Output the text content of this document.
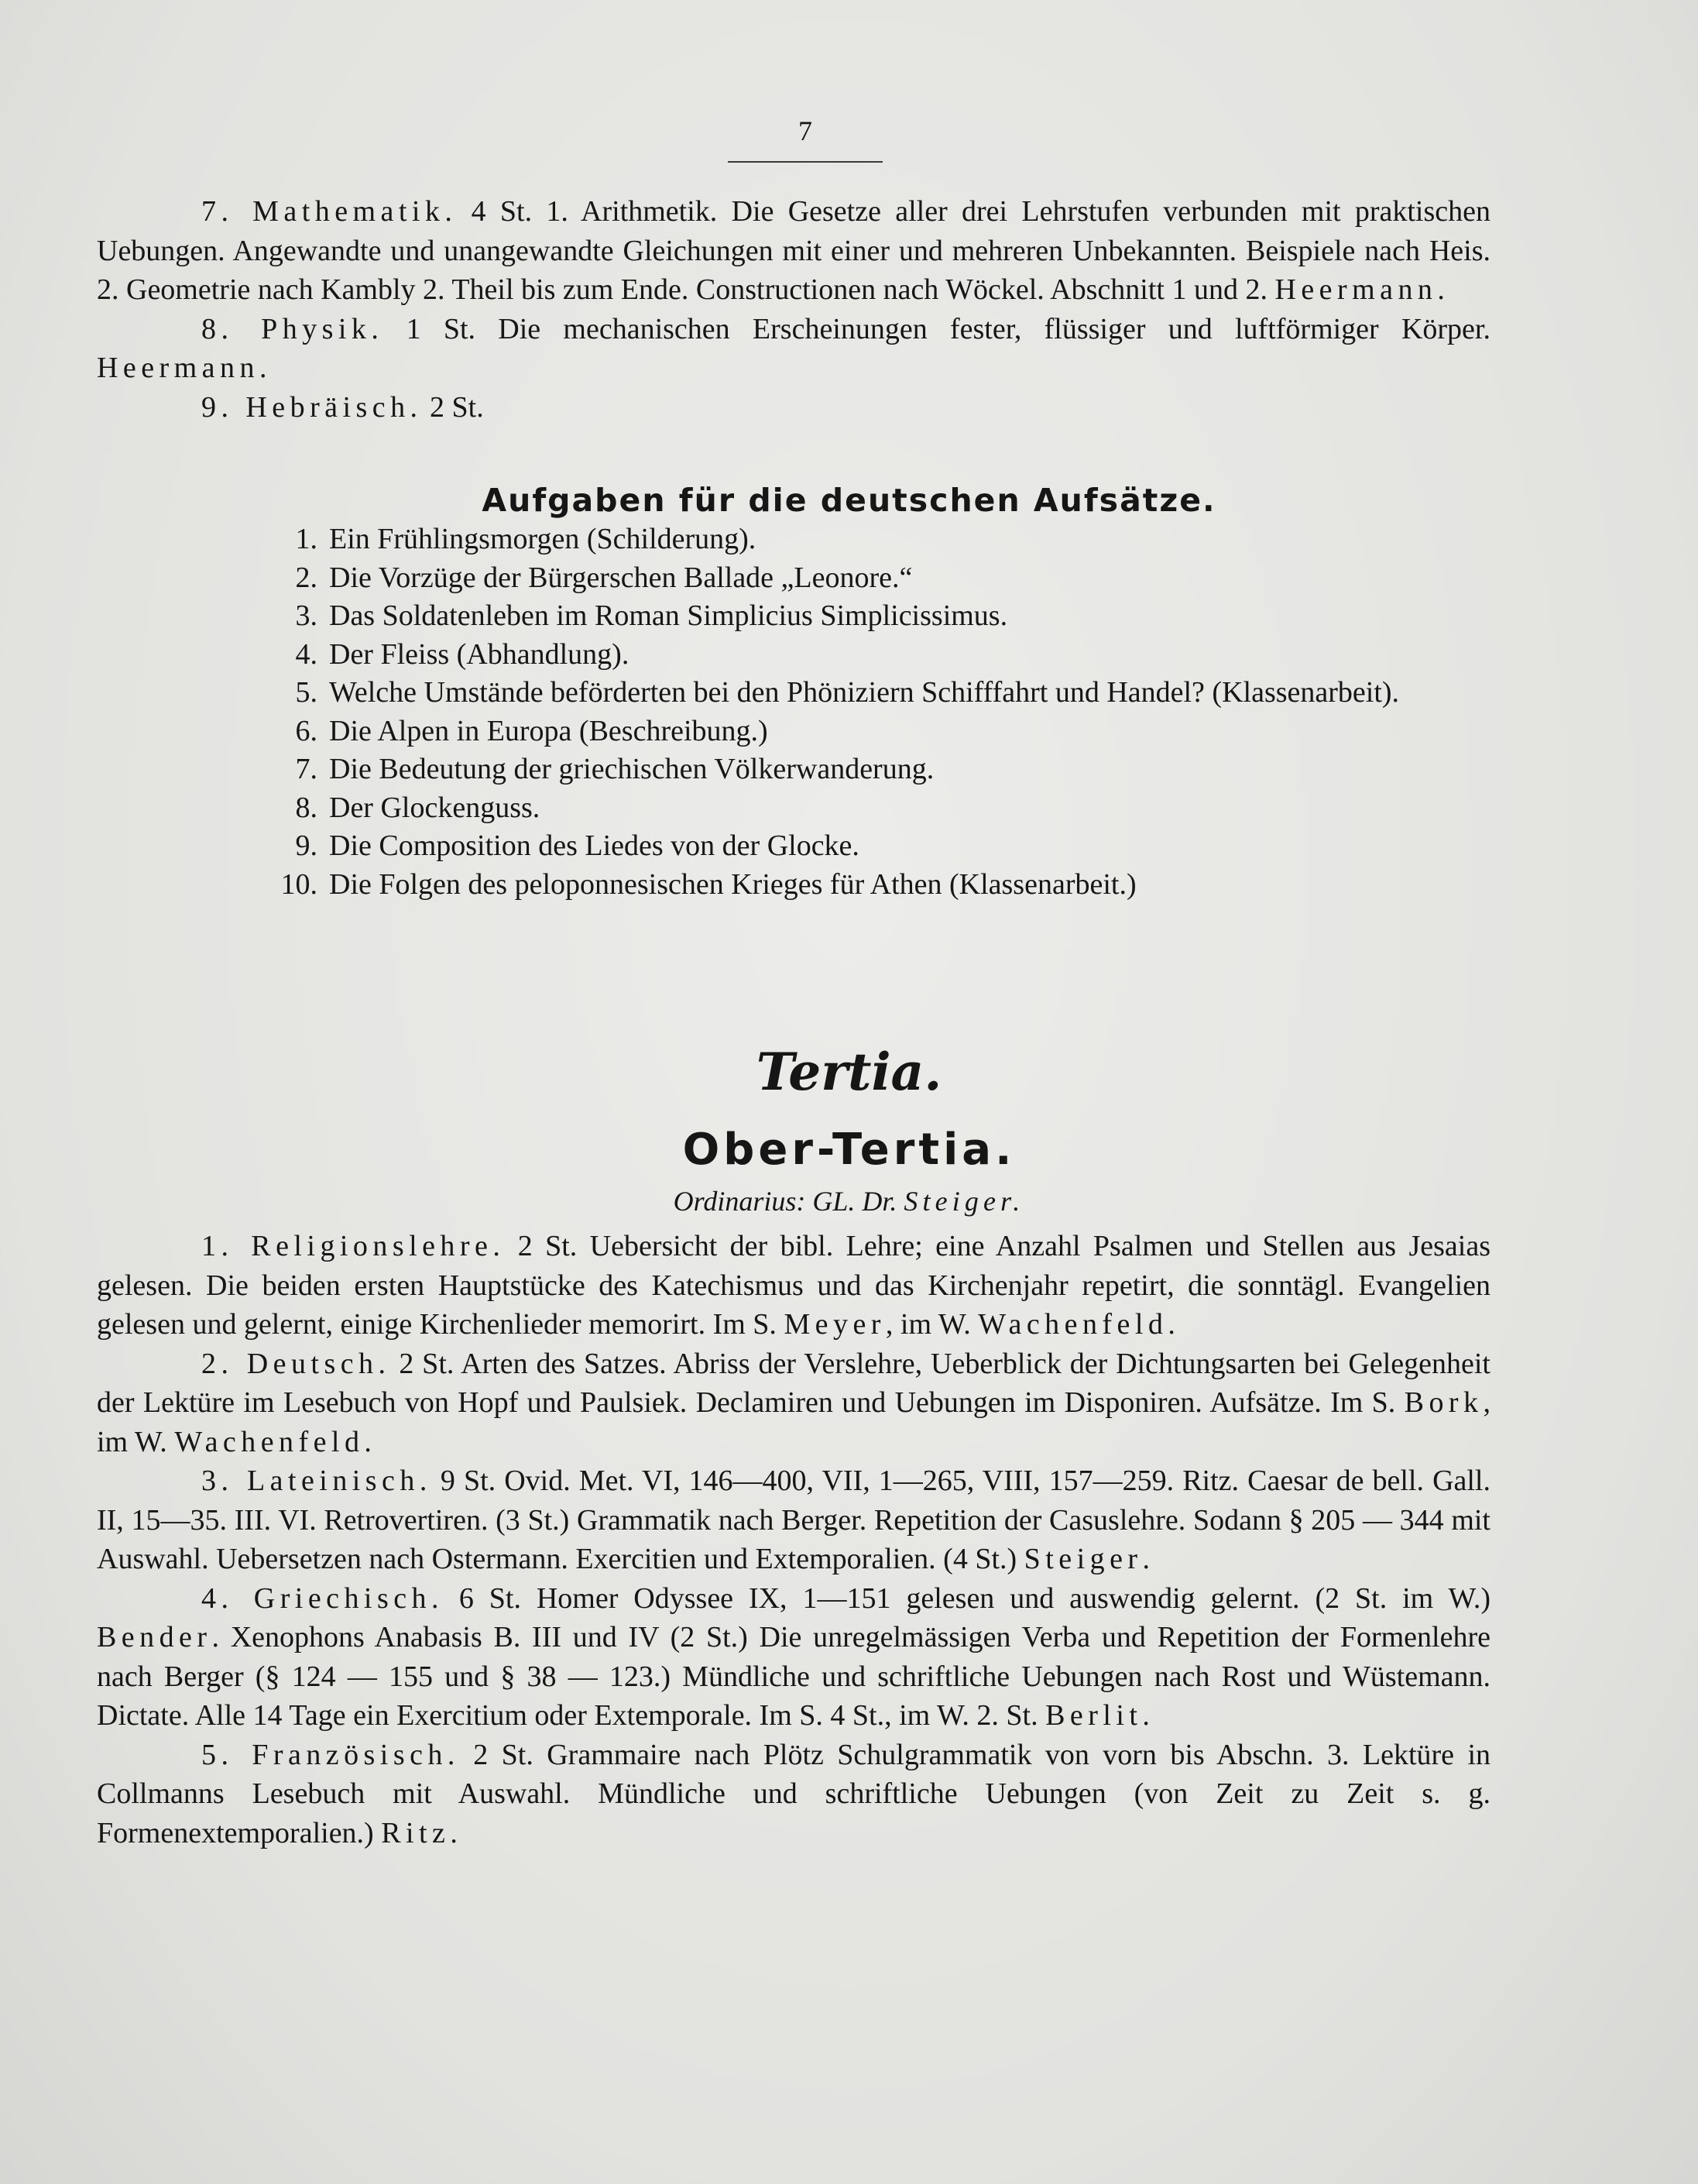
7

7. Mathematik. 4 St. 1. Arithmetik. Die Gesetze aller drei Lehrstufen verbunden mit praktischen Uebungen. Angewandte und unangewandte Gleichungen mit einer und mehreren Unbekannten. Beispiele nach Heis. 2. Geometrie nach Kambly 2. Theil bis zum Ende. Constructionen nach Wöckel. Abschnitt 1 und 2. Heermann.

8. Physik. 1 St. Die mechanischen Erscheinungen fester, flüssiger und luftförmiger Körper. Heermann.

9. Hebräisch. 2 St.

Aufgaben für die deutschen Aufsätze.
1. Ein Frühlingsmorgen (Schilderung).
2. Die Vorzüge der Bürgerschen Ballade „Leonore.“
3. Das Soldatenleben im Roman Simplicius Simplicissimus.
4. Der Fleiss (Abhandlung).
5. Welche Umstände beförderten bei den Phöniziern Schifffahrt und Handel? (Klassenarbeit).
6. Die Alpen in Europa (Beschreibung.)
7. Die Bedeutung der griechischen Völkerwanderung.
8. Der Glockenguss.
9. Die Composition des Liedes von der Glocke.
10. Die Folgen des peloponnesischen Krieges für Athen (Klassenarbeit.)
Tertia.
Ober-Tertia.
Ordinarius: GL. Dr. Steiger.

1. Religionslehre. 2 St. Uebersicht der bibl. Lehre; eine Anzahl Psalmen und Stellen aus Jesaias gelesen. Die beiden ersten Hauptstücke des Katechismus und das Kirchenjahr repetirt, die sonntägl. Evangelien gelesen und gelernt, einige Kirchenlieder memorirt. Im S. Meyer, im W. Wachenfeld.

2. Deutsch. 2 St. Arten des Satzes. Abriss der Verslehre, Ueberblick der Dichtungsarten bei Gelegenheit der Lektüre im Lesebuch von Hopf und Paulsiek. Declamiren und Uebungen im Disponiren. Aufsätze. Im S. Bork, im W. Wachenfeld.

3. Lateinisch. 9 St. Ovid. Met. VI, 146—400, VII, 1—265, VIII, 157—259. Ritz. Caesar de bell. Gall. II, 15—35. III. VI. Retrovertiren. (3 St.) Grammatik nach Berger. Repetition der Casuslehre. Sodann § 205 — 344 mit Auswahl. Uebersetzen nach Ostermann. Exercitien und Extemporalien. (4 St.) Steiger.

4. Griechisch. 6 St. Homer Odyssee IX, 1—151 gelesen und auswendig gelernt. (2 St. im W.) Bender. Xenophons Anabasis B. III und IV (2 St.) Die unregelmässigen Verba und Repetition der Formenlehre nach Berger (§ 124 — 155 und § 38 — 123.) Mündliche und schriftliche Uebungen nach Rost und Wüstemann. Dictate. Alle 14 Tage ein Exercitium oder Extemporale. Im S. 4 St., im W. 2. St. Berlit.

5. Französisch. 2 St. Grammaire nach Plötz Schulgrammatik von vorn bis Abschn. 3. Lektüre in Collmanns Lesebuch mit Auswahl. Mündliche und schriftliche Uebungen (von Zeit zu Zeit s. g. Formenextemporalien.) Ritz.
